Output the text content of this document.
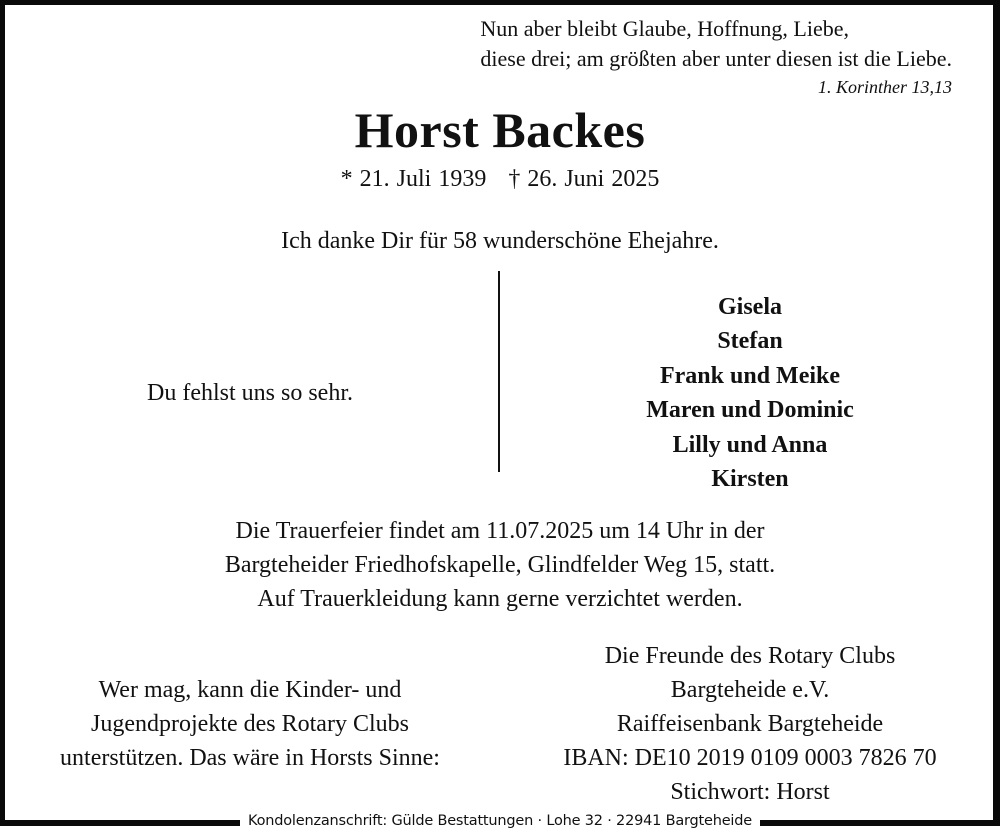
Nun aber bleibt Glaube, Hoffnung, Liebe,
diese drei; am größten aber unter diesen ist die Liebe.
1. Korinther 13,13
Horst Backes
* 21. Juli 1939 † 26. Juni 2025
Ich danke Dir für 58 wunderschöne Ehejahre.
Du fehlst uns so sehr.
Gisela
Stefan
Frank und Meike
Maren und Dominic
Lilly und Anna
Kirsten
Die Trauerfeier findet am 11.07.2025 um 14 Uhr in der
Bargteheider Friedhofskapelle, Glindfelder Weg 15, statt.
Auf Trauerkleidung kann gerne verzichtet werden.
Wer mag, kann die Kinder- und
Jugendprojekte des Rotary Clubs
unterstützen. Das wäre in Horsts Sinne:
Die Freunde des Rotary Clubs
Bargteheide e.V.
Raiffeisenbank Bargteheide
IBAN: DE10 2019 0109 0003 7826 70
Stichwort: Horst
Kondolenzanschrift: Gülde Bestattungen · Lohe 32 · 22941 Bargteheide
